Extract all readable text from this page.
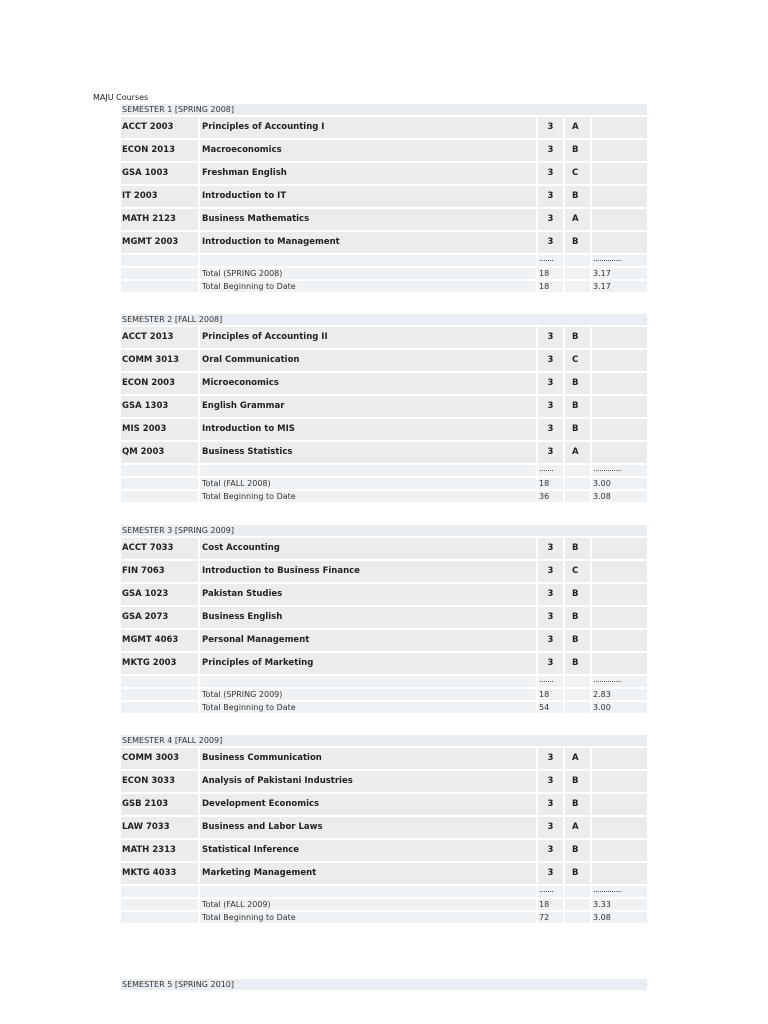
MAJU Courses
SEMESTER 1 [SPRING 2008]
ACCT 2003	Principles of Accounting I	3	A
ECON 2013	Macroeconomics	3	B
GSA 1003	Freshman English	3	C
IT 2003	Introduction to IT	3	B
MATH 2123	Business Mathematics	3	A
MGMT 2003	Introduction to Management	3	B
.......	..............
Total (SPRING 2008)	18	3.17
Total Beginning to Date	18	3.17
SEMESTER 2 [FALL 2008]
ACCT 2013	Principles of Accounting II	3	B
COMM 3013	Oral Communication	3	C
ECON 2003	Microeconomics	3	B
GSA 1303	English Grammar	3	B
MIS 2003	Introduction to MIS	3	B
QM 2003	Business Statistics	3	A
.......	..............
Total (FALL 2008)	18	3.00
Total Beginning to Date	36	3.08
SEMESTER 3 [SPRING 2009]
ACCT 7033	Cost Accounting	3	B
FIN 7063	Introduction to Business Finance	3	C
GSA 1023	Pakistan Studies	3	B
GSA 2073	Business English	3	B
MGMT 4063	Personal Management	3	B
MKTG 2003	Principles of Marketing	3	B
.......	..............
Total (SPRING 2009)	18	2.83
Total Beginning to Date	54	3.00
SEMESTER 4 [FALL 2009]
COMM 3003	Business Communication	3	A
ECON 3033	Analysis of Pakistani Industries	3	B
GSB 2103	Development Economics	3	B
LAW 7033	Business and Labor Laws	3	A
MATH 2313	Statistical Inference	3	B
MKTG 4033	Marketing Management	3	B
.......	..............
Total (FALL 2009)	18	3.33
Total Beginning to Date	72	3.08
SEMESTER 5 [SPRING 2010]
